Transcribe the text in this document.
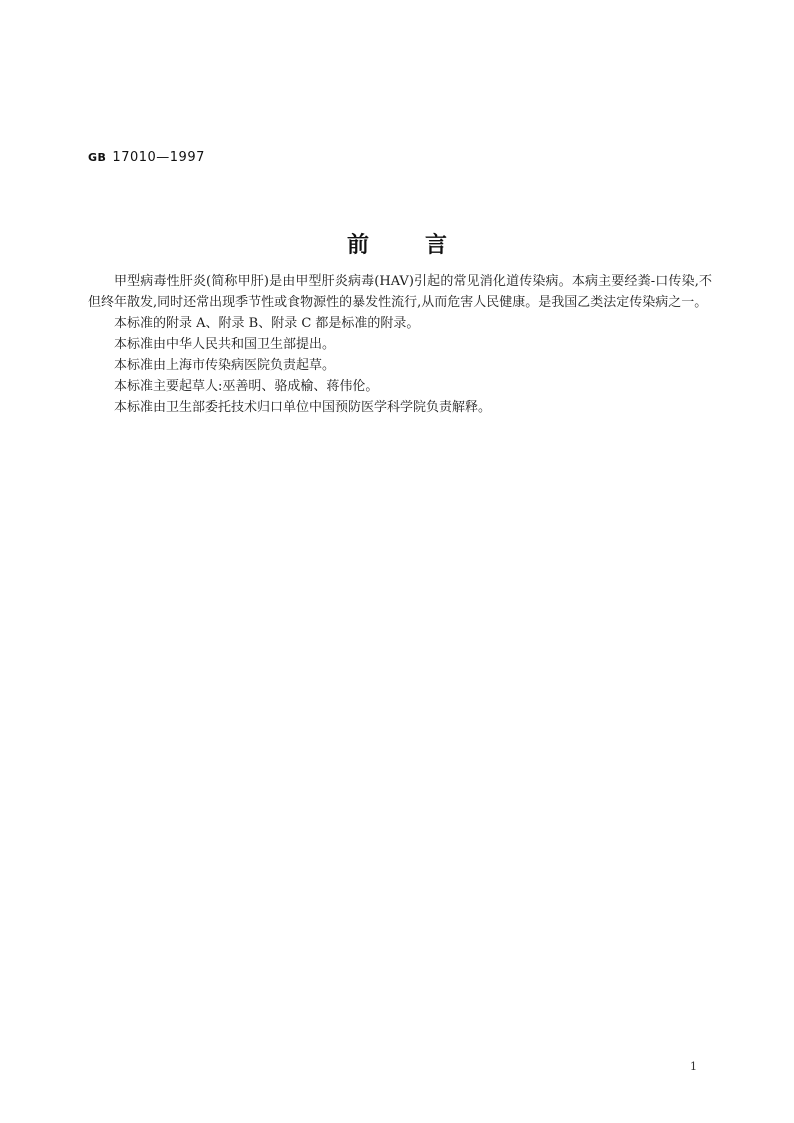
GB 17010—1997
前言

甲型病毒性肝炎(简称甲肝)是由甲型肝炎病毒(HAV)引起的常见消化道传染病。本病主要经粪-口传染,不但终年散发,同时还常出现季节性或食物源性的暴发性流行,从而危害人民健康。是我国乙类法定传染病之一。

本标准的附录 A、附录 B、附录 C 都是标准的附录。

本标准由中华人民共和国卫生部提出。

本标准由上海市传染病医院负责起草。

本标准主要起草人:巫善明、骆成榆、蒋伟伦。

本标准由卫生部委托技术归口单位中国预防医学科学院负责解释。

1
